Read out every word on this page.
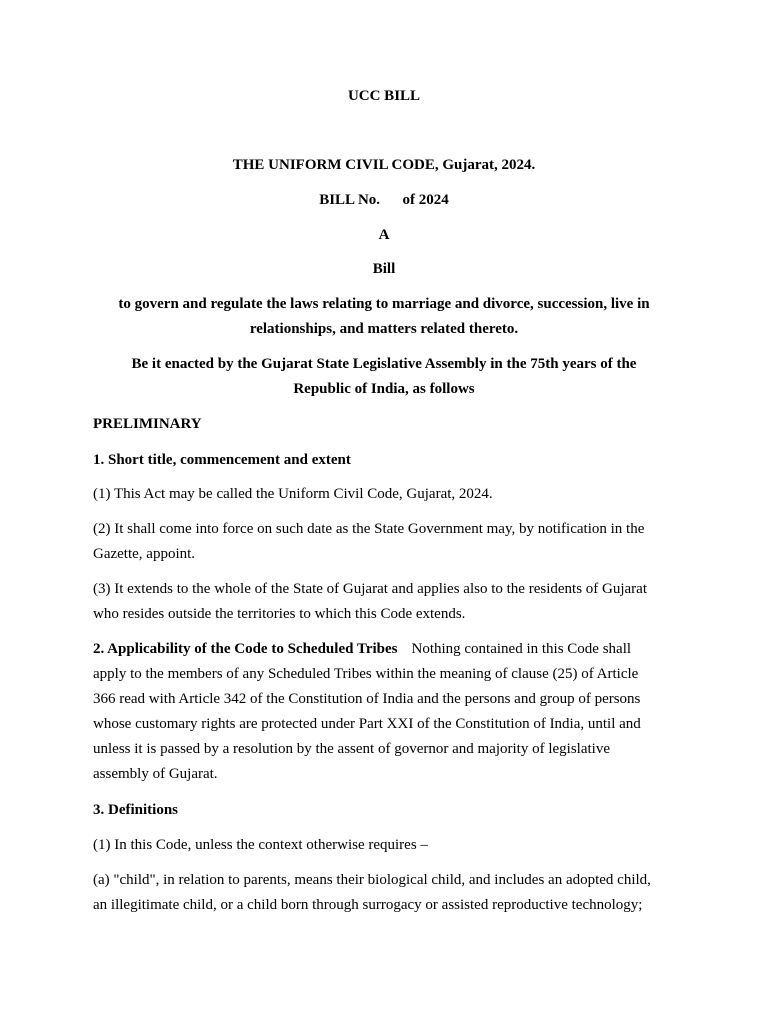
UCC BILL
THE UNIFORM CIVIL CODE, Gujarat, 2024.
BILL No.      of 2024
A
Bill
to govern and regulate the laws relating to marriage and divorce, succession, live in
relationships, and matters related thereto.
Be it enacted by the Gujarat State Legislative Assembly in the 75th years of the
Republic of India, as follows
PRELIMINARY
1. Short title, commencement and extent
(1) This Act may be called the Uniform Civil Code, Gujarat, 2024.
(2) It shall come into force on such date as the State Government may, by notification in the
Gazette, appoint.
(3) It extends to the whole of the State of Gujarat and applies also to the residents of Gujarat
who resides outside the territories to which this Code extends.
2. Applicability of the Code to Scheduled Tribes Nothing contained in this Code shall
apply to the members of any Scheduled Tribes within the meaning of clause (25) of Article
366 read with Article 342 of the Constitution of India and the persons and group of persons
whose customary rights are protected under Part XXI of the Constitution of India, until and
unless it is passed by a resolution by the assent of governor and majority of legislative
assembly of Gujarat.
3. Definitions
(1) In this Code, unless the context otherwise requires –
(a) "child", in relation to parents, means their biological child, and includes an adopted child,
an illegitimate child, or a child born through surrogacy or assisted reproductive technology;
